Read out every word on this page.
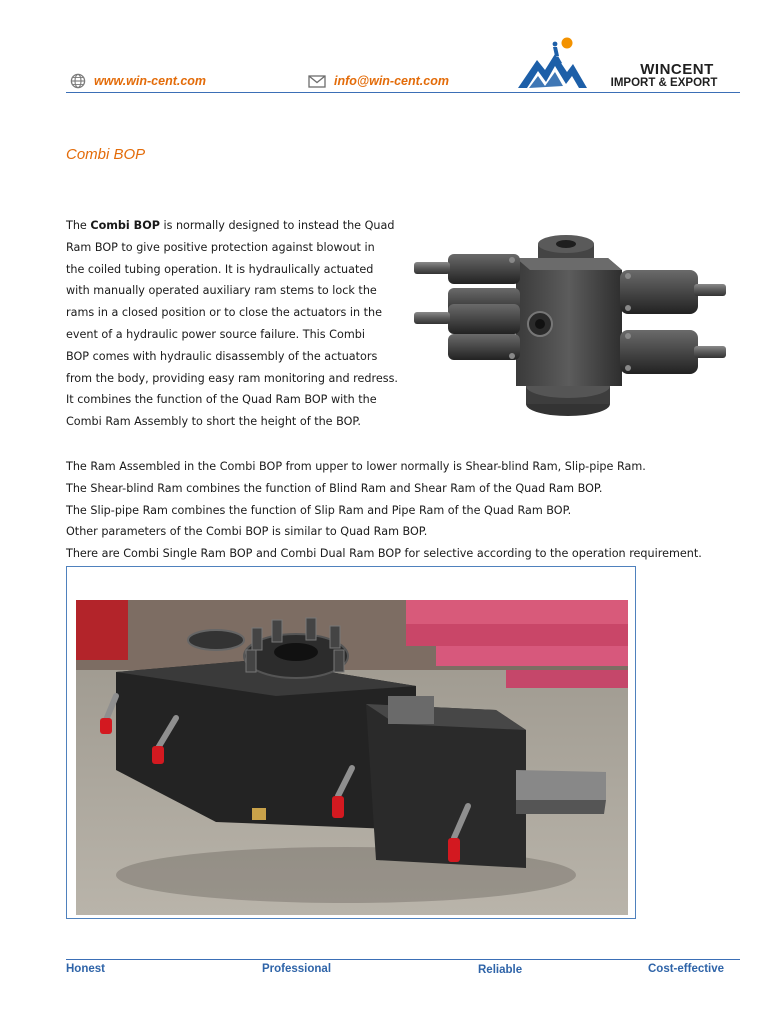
www.win-cent.com	info@win-cent.com
WINCENT
IMPORT & EXPORT
Combi BOP
The Combi BOP is normally designed to instead the Quad
Ram BOP to give positive protection against blowout in
the coiled tubing operation. It is hydraulically actuated
with manually operated auxiliary ram stems to lock the
rams in a closed position or to close the actuators in the
event of a hydraulic power source failure. This Combi
BOP comes with hydraulic disassembly of the actuators
from the body, providing easy ram monitoring and redress.
It combines the function of the Quad Ram BOP with the
Combi Ram Assembly to short the height of the BOP.
The Ram Assembled in the Combi BOP from upper to lower normally is Shear-blind Ram, Slip-pipe Ram.
The Shear-blind Ram combines the function of Blind Ram and Shear Ram of the Quad Ram BOP.
The Slip-pipe Ram combines the function of Slip Ram and Pipe Ram of the Quad Ram BOP.
Other parameters of the Combi BOP is similar to Quad Ram BOP.
There are Combi Single Ram BOP and Combi Dual Ram BOP for selective according to the operation requirement.
Honest	Professional	Reliable	Cost-effective
